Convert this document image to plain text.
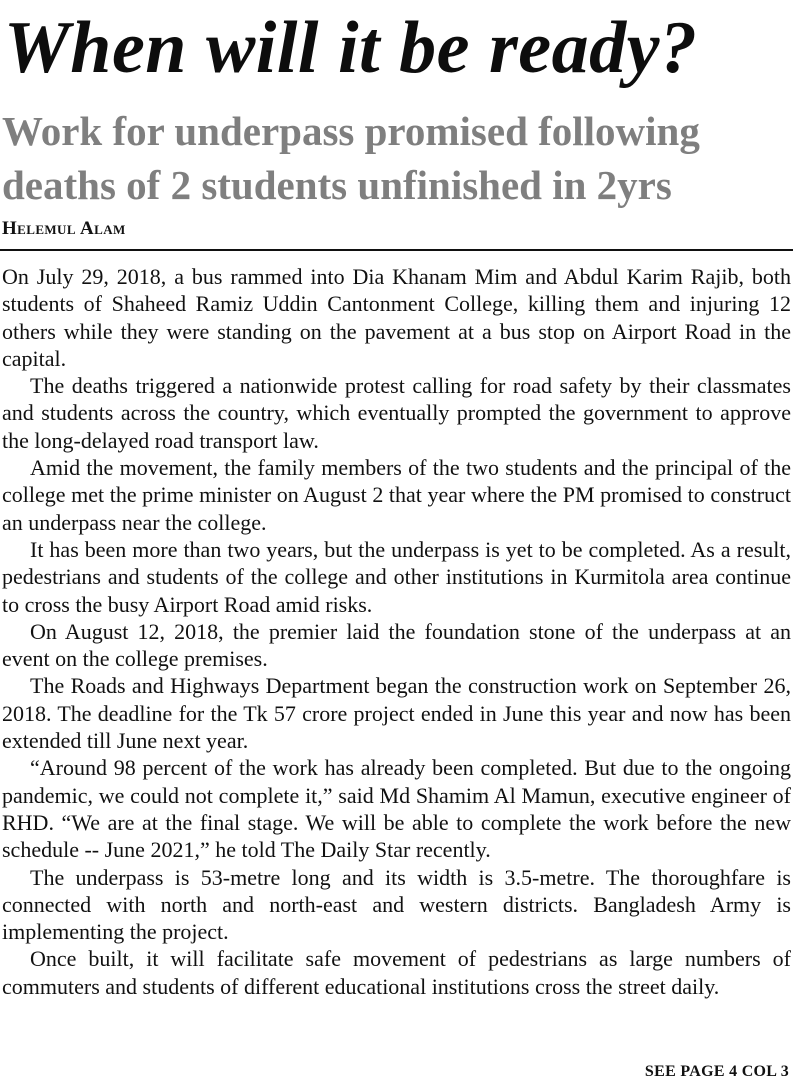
When will it be ready?
Work for underpass promised following deaths of 2 students unfinished in 2yrs
Helemul Alam

On July 29, 2018, a bus rammed into Dia Khanam Mim and Abdul Karim Rajib, both students of Shaheed Ramiz Uddin Cantonment College, killing them and injuring 12 others while they were standing on the pavement at a bus stop on Airport Road in the capital.

The deaths triggered a nationwide protest calling for road safety by their classmates and students across the country, which eventually prompted the government to approve the long-delayed road transport law.

Amid the movement, the family members of the two students and the principal of the college met the prime minister on August 2 that year where the PM promised to construct an underpass near the college.

It has been more than two years, but the underpass is yet to be completed. As a result, pedestrians and students of the college and other institutions in Kurmitola area continue to cross the busy Airport Road amid risks.

On August 12, 2018, the premier laid the foundation stone of the underpass at an event on the college premises.

The Roads and Highways Department began the construction work on September 26, 2018. The deadline for the Tk 57 crore project ended in June this year and now has been extended till June next year.

“Around 98 percent of the work has already been completed. But due to the ongoing pandemic, we could not complete it,” said Md Shamim Al Mamun, executive engineer of RHD. “We are at the final stage. We will be able to complete the work before the new schedule -- June 2021,” he told The Daily Star recently.

The underpass is 53-metre long and its width is 3.5-metre. The thoroughfare is connected with north and north-east and western districts. Bangladesh Army is implementing the project.

Once built, it will facilitate safe movement of pedestrians as large numbers of commuters and students of different educational institutions cross the street daily.

SEE PAGE 4 COL 3
